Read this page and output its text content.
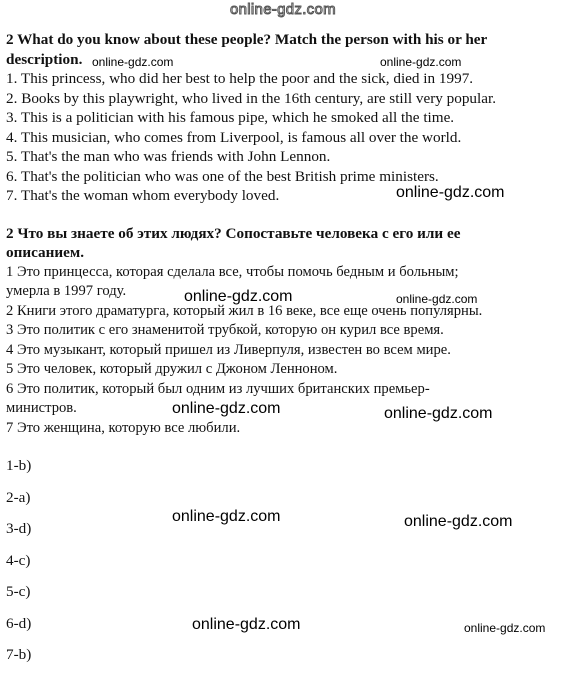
online-gdz.com

2 What do you know about these people? Match the person with his or her

description.

1. This princess, who did her best to help the poor and the sick, died in 1997.

2. Books by this playwright, who lived in the 16th century, are still very popular.

3. This is a politician with his famous pipe, which he smoked all the time.

4. This musician, who comes from Liverpool, is famous all over the world.

5. That's the man who was friends with John Lennon.

6. That's the politician who was one of the best British prime ministers.

7. That's the woman whom everybody loved.

2 Что вы знаете об этих людях? Сопоставьте человека с его или ее

описанием.

1 Это принцесса, которая сделала все, чтобы помочь бедным и больным;

умерла в 1997 году.

2 Книги этого драматурга, который жил в 16 веке, все еще очень популярны.

3 Это политик с его знаменитой трубкой, которую он курил все время.

4 Это музыкант, который пришел из Ливерпуля, известен во всем мире.

5 Это человек, который дружил с Джоном Ленноном.

6 Это политик, который был одним из лучших британских премьер-

министров.

7 Это женщина, которую все любили.

1-b)

2-a)

3-d)

4-c)

5-c)

6-d)

7-b)

online-gdz.com	online-gdz.com
online-gdz.com
online-gdz.com	online-gdz.com
online-gdz.com	online-gdz.com
online-gdz.com	online-gdz.com
online-gdz.com	online-gdz.com
